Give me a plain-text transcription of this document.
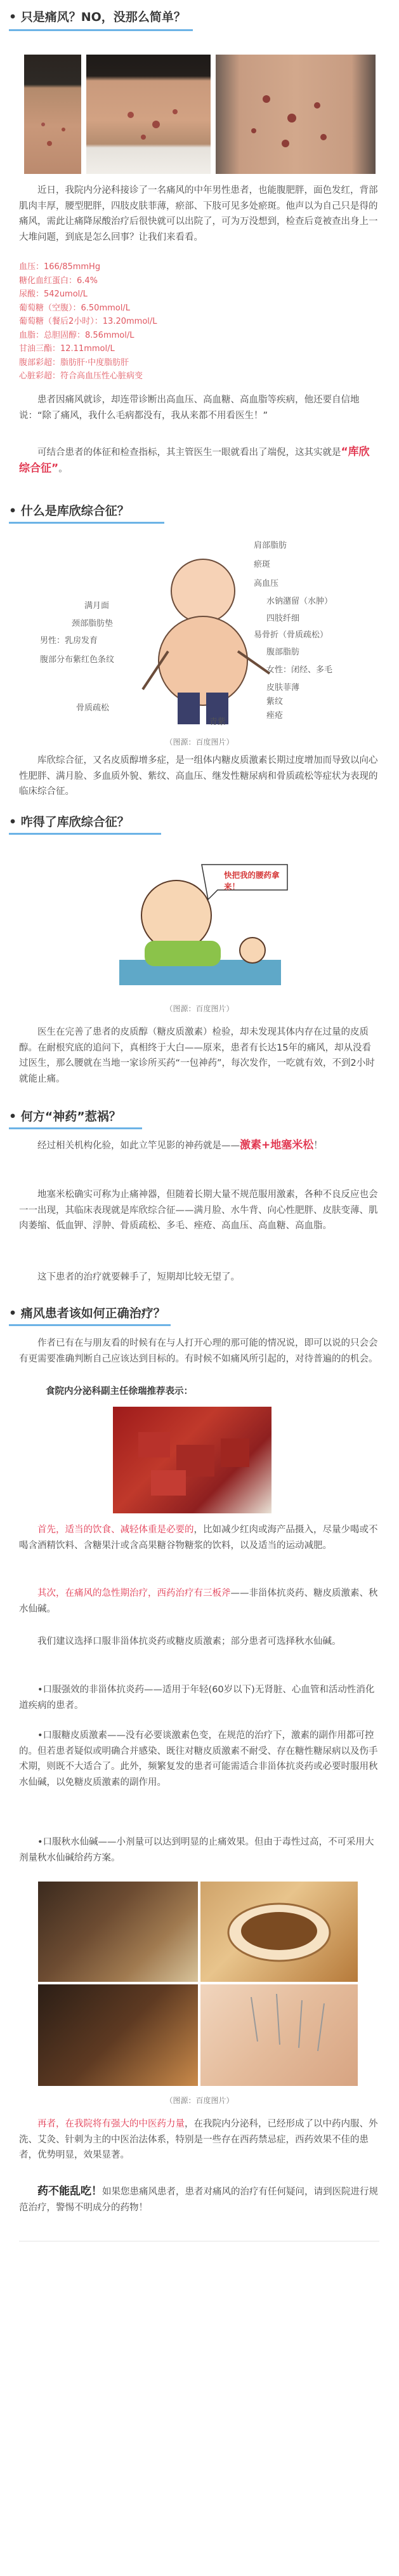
• 只是痛风？NO，没那么简单？

近日，我院内分泌科接诊了一名痛风的中年男性患者，也能腹肥胖，面色发红，背部肌肉丰厚，腰型肥胖，四肢皮肤菲薄，瘀部、下肢可见多处瘀斑。他声以为自己只是得的痛风，需此让痛降尿酸治疗后很快就可以出院了，可为万没想到，检查后竟被查出身上一大堆问题，到底是怎么回事？让我们来看看。

血压：166/85mmHg
糖化血红蛋白：6.4%
尿酸：542umol/L
葡萄糖（空腹）：6.50mmol/L
葡萄糖（餐后2小时）：13.20mmol/L
血脂：总胆固醇：8.56mmol/L
甘油三酯：12.11mmol/L
腹部彩超：脂肪肝·中度脂肪肝
心脏彩超：符合高血压性心脏病变

患者因痛风就诊，却连带诊断出高血压、高血糖、高血脂等疾病，他还要自信地说：“除了痛风，我什么毛病都没有，我从来都不用看医生！”

可结合患者的体征和检查指标，其主管医生一眼就看出了端倪，这其实就是“库欣综合征”。

• 什么是库欣综合征？
满月面
颈部脂肪垫
男性：乳房发育
腹部分布紫红色条纹
肩部脂肪
瘀斑
高血压
水钠潴留（水肿）
四肢纤细
易骨折（骨质疏松）
腹部脂肪
女性：闭经、多毛
皮肤菲薄
紫纹
痤疮
骨质疏松
青紫
（图源：百度图片）

库欣综合征，又名皮质醇增多症，是一组体内糖皮质激素长期过度增加而导致以向心性肥胖、满月脸、多血质外貌、紫纹、高血压、继发性糖尿病和骨质疏松等症状为表现的临床综合征。

• 咋得了库欣综合征？
快把我的腰药拿来！
（图源：百度图片）

医生在完善了患者的皮质醇（糖皮质激素）检验，却未发现其体内存在过量的皮质醇。在耐根究底的追问下，真相终于大白——原来，患者有长达15年的痛风，却从没看过医生，那么腰就在当地一家诊所买药“一包神药”，每次发作，一吃就有效，不到2小时就能止痛。

• 何方“神药”惹祸？

经过相关机构化验，如此立竿见影的神药就是——激素+地塞米松！

地塞米松确实可称为止痛神器，但随着长期大量不规范服用激素，各种不良反应也会一一出现，其临床表现就是库欣综合征——满月脸、水牛背、向心性肥胖、皮肤变薄、肌肉萎缩、低血钾、浮肿、骨质疏松、多毛、痤疮、高血压、高血糖、高血脂。

这下患者的治疗就要棘手了，短期却比较无望了。

• 痛风患者该如何正确治疗？

作者已有在与朋友看的时候有在与人打开心理的那可能的情况说，即可以说的只会会有更需要准确判断自己应该达到目标的。有时候不如痛风所引起的，对待普遍的的机会。

食院内分泌科副主任徐瑞推荐表示：

首先，适当的饮食、减轻体重是必要的，比如减少红肉或海产品摄入，尽量少喝或不喝含酒精饮料、含糖果汁或含高果糖谷物糖浆的饮料，以及适当的运动减肥。

其次，在痛风的急性期治疗，西药治疗有三板斧——非甾体抗炎药、糖皮质激素、秋水仙碱。

我们建议选择口服非甾体抗炎药或糖皮质激素；部分患者可选择秋水仙碱。

•口服强效的非甾体抗炎药——适用于年轻(60岁以下)无肾脏、心血管和活动性消化道疾病的患者。

•口服糖皮质激素——没有必要谈激素色变，在规范的治疗下，激素的副作用都可控的。但若患者疑似或明确合并感染、既往对糖皮质激素不耐受、存在糖性糖尿病以及伤手术期，则既不大适合了。此外，频繁复发的患者可能需适合非甾体抗炎药或必要时服用秋水仙碱，以免糖皮质激素的副作用。

•口服秋水仙碱——小剂量可以达到明显的止痛效果。但由于毒性过高，不可采用大剂量秋水仙碱给药方案。

（图源：百度图片）

再者，在我院将有强大的中医药力量，在我院内分泌科，已经形成了以中药内服、外洗、艾灸、针刺为主的中医治法体系，特别是一些存在西药禁忌症，西药效果不佳的患者，优势明显，效果显著。

药不能乱吃！如果您患痛风患者，患者对痛风的治疗有任何疑问，请到医院进行规范治疗，警惕不明成分的药物！
